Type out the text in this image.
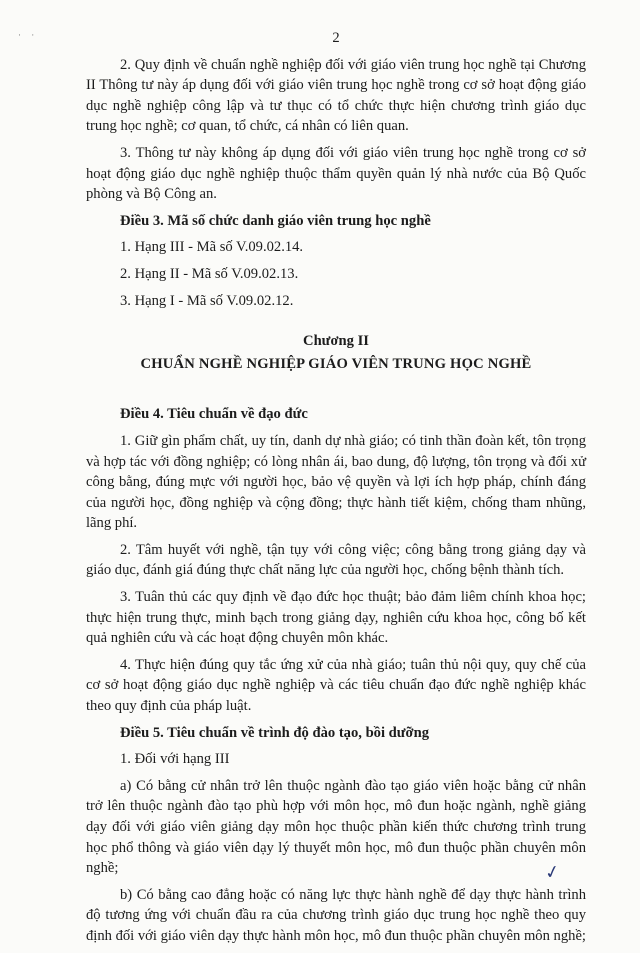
· ·	2

2. Quy định về chuẩn nghề nghiệp đối với giáo viên trung học nghề tại Chương II Thông tư này áp dụng đối với giáo viên trung học nghề trong cơ sở hoạt động giáo dục nghề nghiệp công lập và tư thục có tổ chức thực hiện chương trình giáo dục trung học nghề; cơ quan, tổ chức, cá nhân có liên quan.

3. Thông tư này không áp dụng đối với giáo viên trung học nghề trong cơ sở hoạt động giáo dục nghề nghiệp thuộc thẩm quyền quản lý nhà nước của Bộ Quốc phòng và Bộ Công an.

Điều 3. Mã số chức danh giáo viên trung học nghề

1. Hạng III - Mã số V.09.02.14.

2. Hạng II - Mã số V.09.02.13.

3. Hạng I - Mã số V.09.02.12.

Chương II
CHUẨN NGHỀ NGHIỆP GIÁO VIÊN TRUNG HỌC NGHỀ

Điều 4. Tiêu chuẩn về đạo đức

1. Giữ gìn phẩm chất, uy tín, danh dự nhà giáo; có tinh thần đoàn kết, tôn trọng và hợp tác với đồng nghiệp; có lòng nhân ái, bao dung, độ lượng, tôn trọng và đối xử công bằng, đúng mực với người học, bảo vệ quyền và lợi ích hợp pháp, chính đáng của người học, đồng nghiệp và cộng đồng; thực hành tiết kiệm, chống tham nhũng, lãng phí.

2. Tâm huyết với nghề, tận tụy với công việc; công bằng trong giảng dạy và giáo dục, đánh giá đúng thực chất năng lực của người học, chống bệnh thành tích.

3. Tuân thủ các quy định về đạo đức học thuật; bảo đảm liêm chính khoa học; thực hiện trung thực, minh bạch trong giảng dạy, nghiên cứu khoa học, công bố kết quả nghiên cứu và các hoạt động chuyên môn khác.

4. Thực hiện đúng quy tắc ứng xử của nhà giáo; tuân thủ nội quy, quy chế của cơ sở hoạt động giáo dục nghề nghiệp và các tiêu chuẩn đạo đức nghề nghiệp khác theo quy định của pháp luật.

Điều 5. Tiêu chuẩn về trình độ đào tạo, bồi dưỡng

1. Đối với hạng III

a) Có bằng cử nhân trở lên thuộc ngành đào tạo giáo viên hoặc bằng cử nhân trở lên thuộc ngành đào tạo phù hợp với môn học, mô đun hoặc ngành, nghề giảng dạy đối với giáo viên giảng dạy môn học thuộc phần kiến thức chương trình trung học phổ thông và giáo viên dạy lý thuyết môn học, mô đun thuộc phần chuyên môn nghề;

b) Có bằng cao đẳng hoặc có năng lực thực hành nghề để dạy thực hành trình độ tương ứng với chuẩn đầu ra của chương trình giáo dục trung học nghề theo quy định đối với giáo viên dạy thực hành môn học, mô đun thuộc phần chuyên môn nghề;

✓
